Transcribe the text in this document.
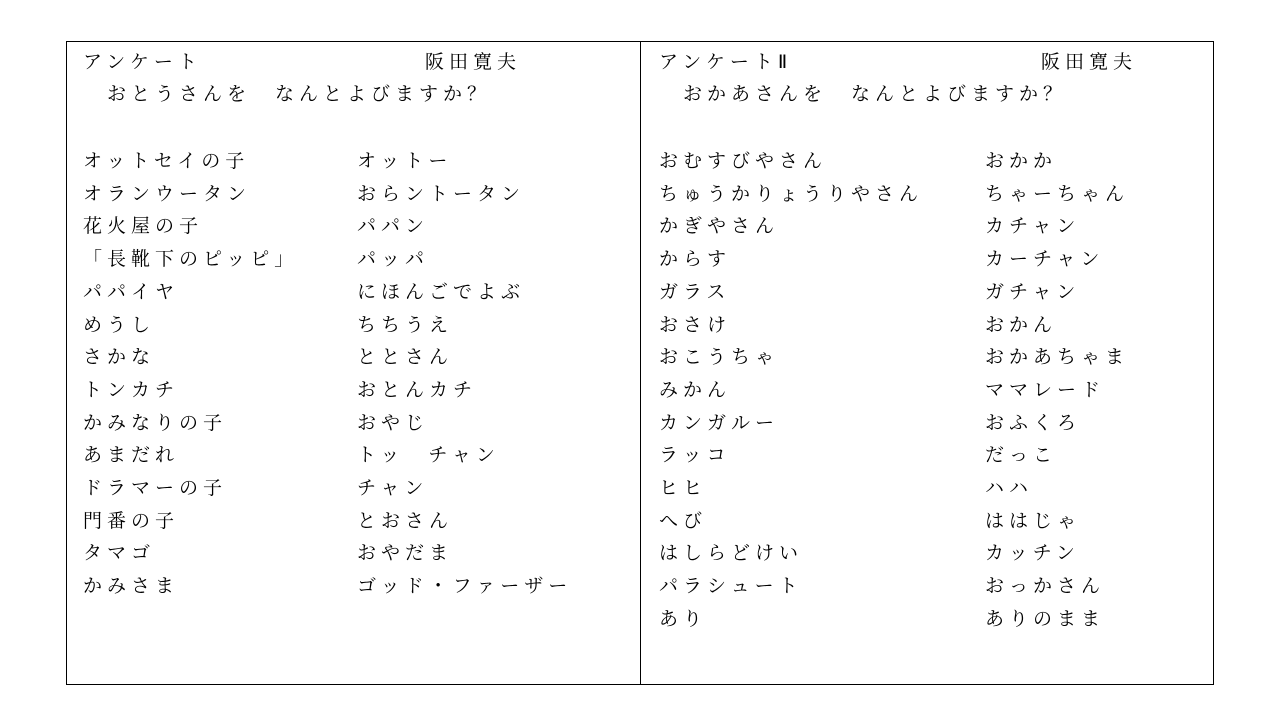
アンケート	阪田寛夫
おとうさんを　なんとよびますか？
オットセイの子	オットー
オランウータン	おらントータン
花火屋の子	パパン
「長靴下のピッピ」	パッパ
パパイヤ	にほんごでよぶ
めうし	ちちうえ
さかな	ととさん
トンカチ	おとんカチ
かみなりの子	おやじ
あまだれ	トッ　チャン
ドラマーの子	チャン
門番の子	とおさん
タマゴ	おやだま
かみさま	ゴッド・ファーザー
アンケートⅡ	阪田寛夫
おかあさんを　なんとよびますか？
おむすびやさん	おかか
ちゅうかりょうりやさん	ちゃーちゃん
かぎやさん	カチャン
からす	カーチャン
ガラス	ガチャン
おさけ	おかん
おこうちゃ	おかあちゃま
みかん	ママレード
カンガルー	おふくろ
ラッコ	だっこ
ヒヒ	ハハ
へび	ははじゃ
はしらどけい	カッチン
パラシュート	おっかさん
あり	ありのまま
